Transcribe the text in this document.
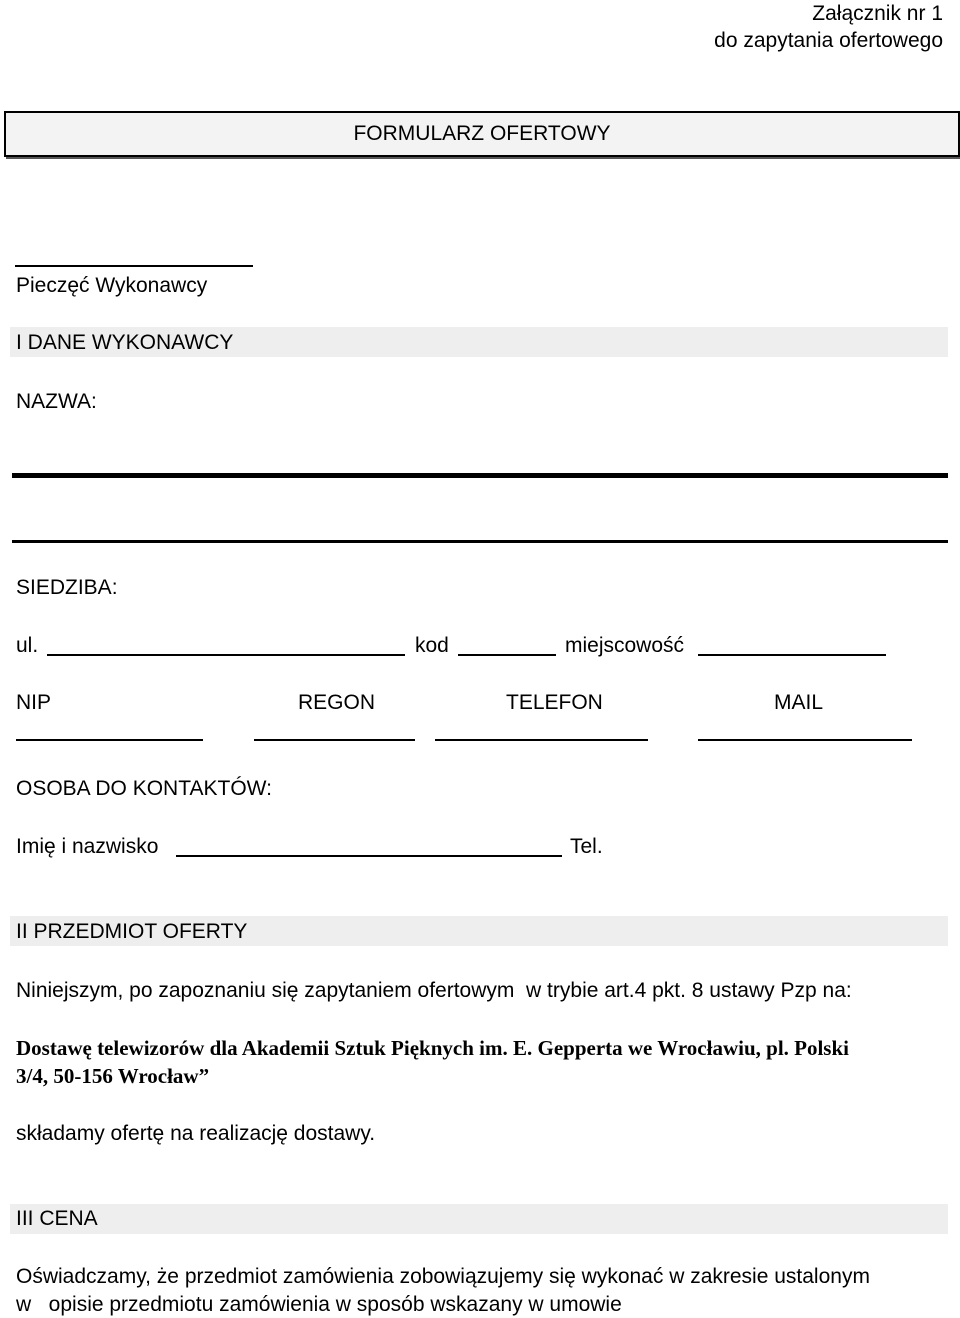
Załącznik nr 1
do zapytania ofertowego
FORMULARZ OFERTOWY
Pieczęć Wykonawcy
I DANE WYKONAWCY
NAZWA:
SIEDZIBA:
ul.	kod	miejscowość
NIP	REGON	TELEFON	MAIL
OSOBA DO KONTAKTÓW:
Imię i nazwisko	Tel.
II PRZEDMIOT OFERTY
Niniejszym, po zapoznaniu się zapytaniem ofertowym  w trybie art.4 pkt. 8 ustawy Pzp na:
Dostawę telewizorów dla Akademii Sztuk Pięknych im. E. Gepperta we Wrocławiu, pl. Polski
3/4, 50-156 Wrocław”
składamy ofertę na realizację dostawy.
III CENA
Oświadczamy, że przedmiot zamówienia zobowiązujemy się wykonać w zakresie ustalonym
w   opisie przedmiotu zamówienia w sposób wskazany w umowie
